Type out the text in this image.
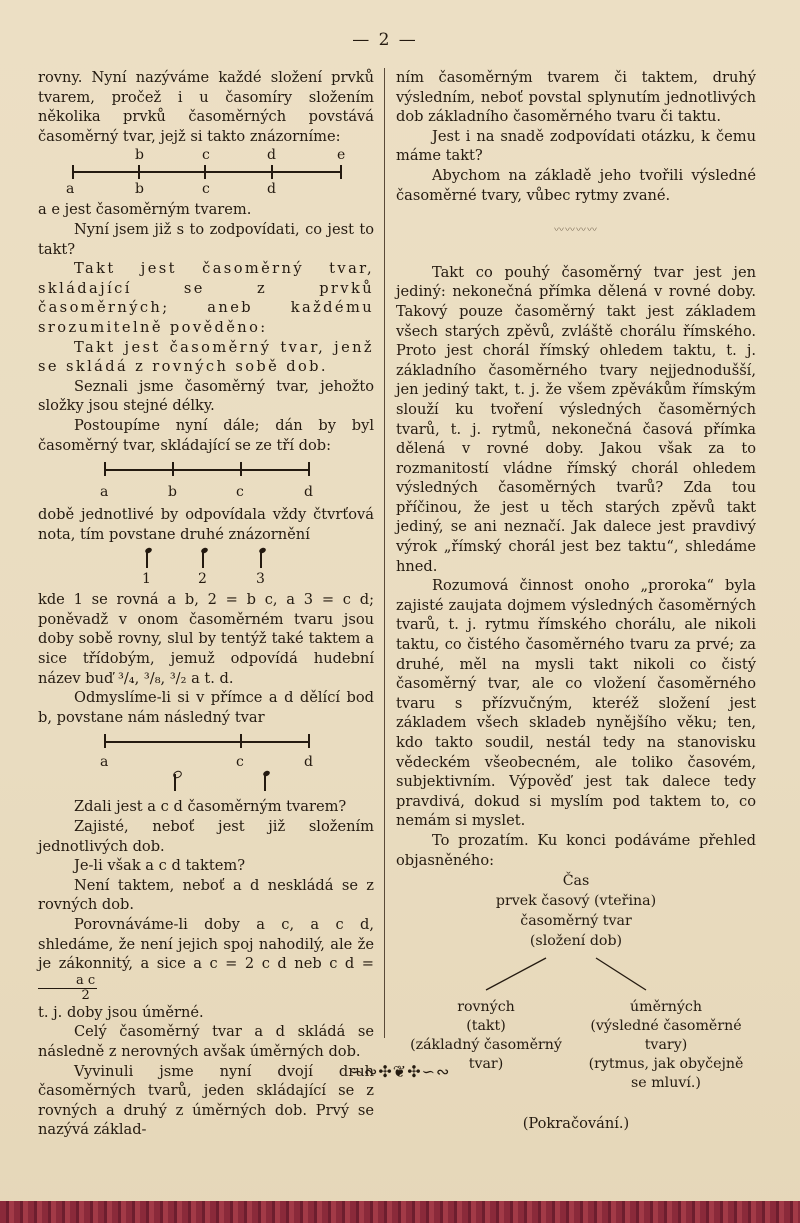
— 2 —

rovny. Nyní nazýváme každé složení prvků tvarem, pročež i u časomíry složením několika prvků časoměrných povstává časoměrný tvar, jejž si takto znázorníme:

b	c	d	e
a	b	c	d

a e jest časoměrným tvarem.

Nyní jsem již s to zodpovídati, co jest to takt?

Takt jest časoměrný tvar, skládající se z prvků časoměrných; aneb každému srozumitelně pověděno:

Takt jest časoměrný tvar, jenž se skládá z rovných sobě dob.

Seznali jsme časoměrný tvar, jehožto složky jsou stejné délky.

Postoupíme nyní dále; dán by byl časoměrný tvar, skládající se ze tří dob:

a	b	c	d

době jednotlivé by odpovídala vždy čtvrťová nota, tím povstane druhé znázornění

1	2	3

kde 1 se rovná a b, 2 = b c, a 3 = c d; poněvadž v onom časoměrném tvaru jsou doby sobě rovny, slul by tentýž také taktem a sice třídobým, jemuž odpovídá hudební název buď ³/₄, ³/₈, ³/₂ a t. d.

Odmyslíme-li si v přímce a d dělící bod b, povstane nám následný tvar

a	c	d

Zdali jest a c d časoměrným tvarem?

Zajisté, neboť jest již složením jednotlivých dob.

Je-li však a c d taktem?

Není taktem, neboť a d neskládá se z rovných dob.

Porovnáváme-li doby a c, a c d, shledáme, že není jejich spoj nahodilý, ale že je zákonnitý, a sice a c = 2 c d neb c d =
$\frac{\text{a c}}{2}$

t. j. doby jsou úměrné.

Celý časoměrný tvar a d skládá se následně z nerovných avšak úměrných dob.

Vyvinuli jsme nyní dvojí druh časoměrných tvarů, jeden skládající se z rovných a druhý z úměrných dob. Prvý se nazývá základ-

ním časoměrným tvarem či taktem, druhý výsledním, neboť povstal splynutím jednotlivých dob základního časoměrného tvaru či taktu.

Jest i na snadě zodpovídati otázku, k čemu máme takt?

Abychom na základě jeho tvořili výsledné časoměrné tvary, vůbec rytmy zvané.

〰〰〰〰

Takt co pouhý časoměrný tvar jest jen jediný: nekonečná přímka dělená v rovné doby. Takový pouze časoměrný takt jest základem všech starých zpěvů, zvláště chorálu římského. Proto jest chorál římský ohledem taktu, t. j. základního časoměrného tvary nejjednodušší, jen jediný takt, t. j. že všem zpěvákům římským slouží ku tvoření výsledných časoměrných tvarů, t. j. rytmů, nekonečná časová přímka dělená v rovné doby. Jakou však za to rozmanitostí vládne římský chorál ohledem výsledných časoměrných tvarů? Zda tou příčinou, že jest u těch starých zpěvů takt jediný, se ani neznačí. Jak dalece jest pravdivý výrok „římský chorál jest bez taktu“, shledáme hned.

Rozumová činnost onoho „proroka“ byla zajisté zaujata dojmem výsledných časoměrných tvarů, t. j. rytmu římského chorálu, ale nikoli taktu, co čistého časoměrného tvaru za prvé; za druhé, měl na mysli takt nikoli co čistý časoměrný tvar, ale co vložení časoměrného tvaru s přízvučným, kteréž složení jest základem všech skladeb nynějšího věku; ten, kdo takto soudil, nestál tedy na stanovisku vědeckém všeobecném, ale toliko časovém, subjektivním. Výpověď jest tak dalece tedy pravdivá, dokud si myslím pod taktem to, co nemám si myslet.

To prozatím. Ku konci podáváme přehled objasněného:

Čas
prvek časový (vteřina)
časoměrný tvar
(složení dob)
rovných
(takt)
(základný časoměrný
tvar)
úměrných
(výsledné časoměrné
tvary)
(rytmus, jak obyčejně
se mluví.)

(Pokračování.)

∽∾✣❦✣∽∾
